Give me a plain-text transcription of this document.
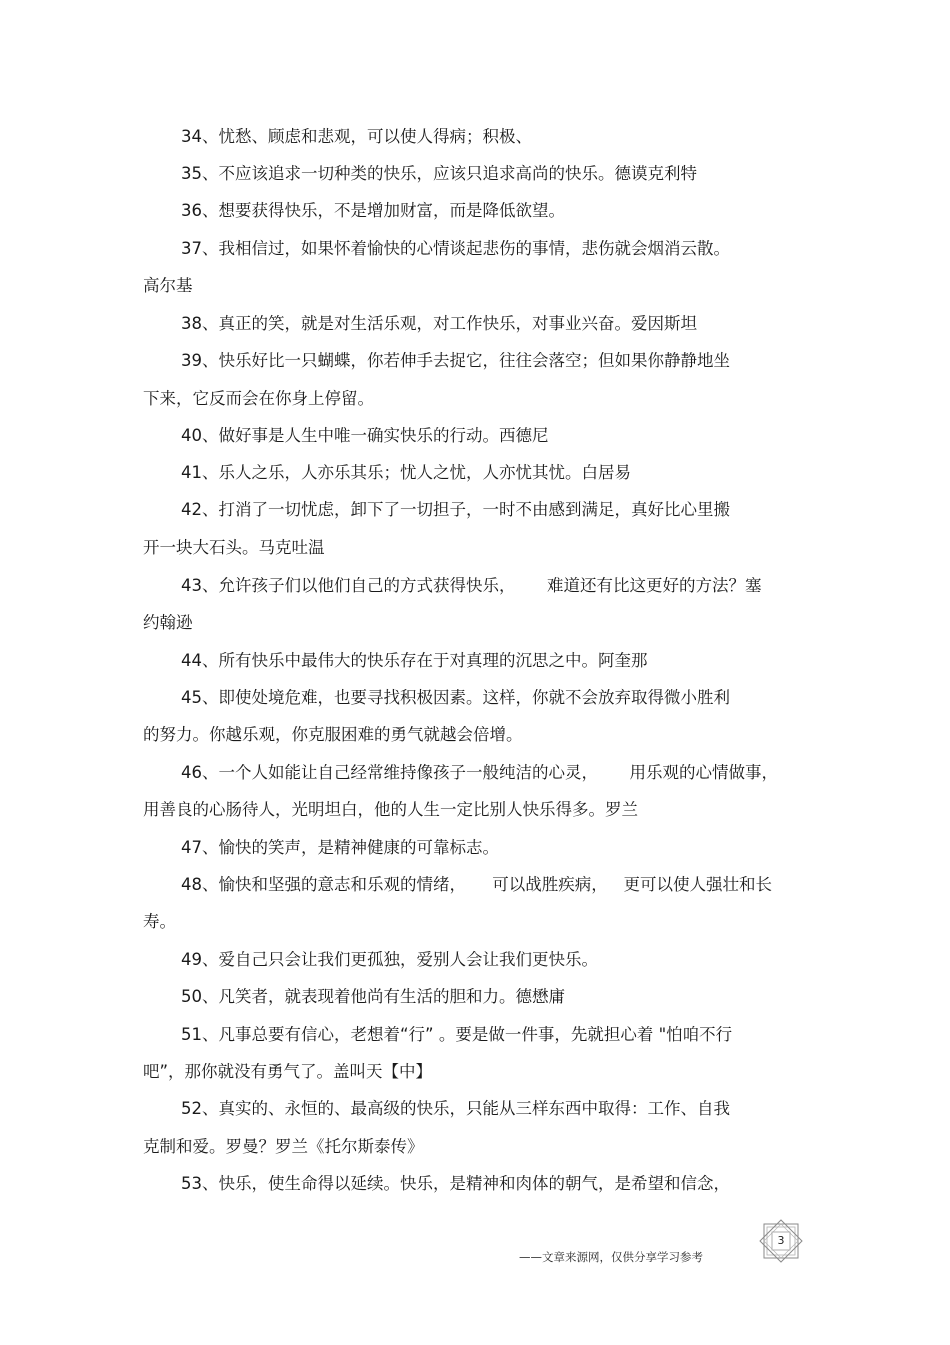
34、忧愁、顾虑和悲观，可以使人得病；积极、
35、不应该追求一切种类的快乐，应该只追求高尚的快乐。德谟克利特
36、想要获得快乐，不是增加财富，而是降低欲望。
37、我相信过，如果怀着愉快的心情谈起悲伤的事情，悲伤就会烟消云散。
高尔基
38、真正的笑，就是对生活乐观，对工作快乐，对事业兴奋。爱因斯坦
39、快乐好比一只蝴蝶，你若伸手去捉它，往往会落空；但如果你静静地坐
下来，它反而会在你身上停留。
40、做好事是人生中唯一确实快乐的行动。西德尼
41、乐人之乐，人亦乐其乐；忧人之忧，人亦忧其忧。白居易
42、打消了一切忧虑，卸下了一切担子，一时不由感到满足，真好比心里搬
开一块大石头。马克吐温
43、允许孩子们以他们自己的方式获得快乐，      难道还有比这更好的方法？塞
约翰逊
44、所有快乐中最伟大的快乐存在于对真理的沉思之中。阿奎那
45、即使处境危难，也要寻找积极因素。这样，你就不会放弃取得微小胜利
的努力。你越乐观，你克服困难的勇气就越会倍增。
46、一个人如能让自己经常维持像孩子一般纯洁的心灵，      用乐观的心情做事，
用善良的心肠待人，光明坦白，他的人生一定比别人快乐得多。罗兰
47、愉快的笑声，是精神健康的可靠标志。
48、愉快和坚强的意志和乐观的情绪，     可以战胜疾病，   更可以使人强壮和长
寿。
49、爱自己只会让我们更孤独，爱别人会让我们更快乐。
50、凡笑者，就表现着他尚有生活的胆和力。德懋庸
51、凡事总要有信心，老想着“行” 。要是做一件事，先就担心着 "怕咱不行
吧”，那你就没有勇气了。盖叫天【中】
52、真实的、永恒的、最高级的快乐，只能从三样东西中取得：工作、自我
克制和爱。罗曼？罗兰《托尔斯泰传》
53、快乐，使生命得以延续。快乐，是精神和肉体的朝气，是希望和信念，
——文章来源网，仅供分享学习参考
3
